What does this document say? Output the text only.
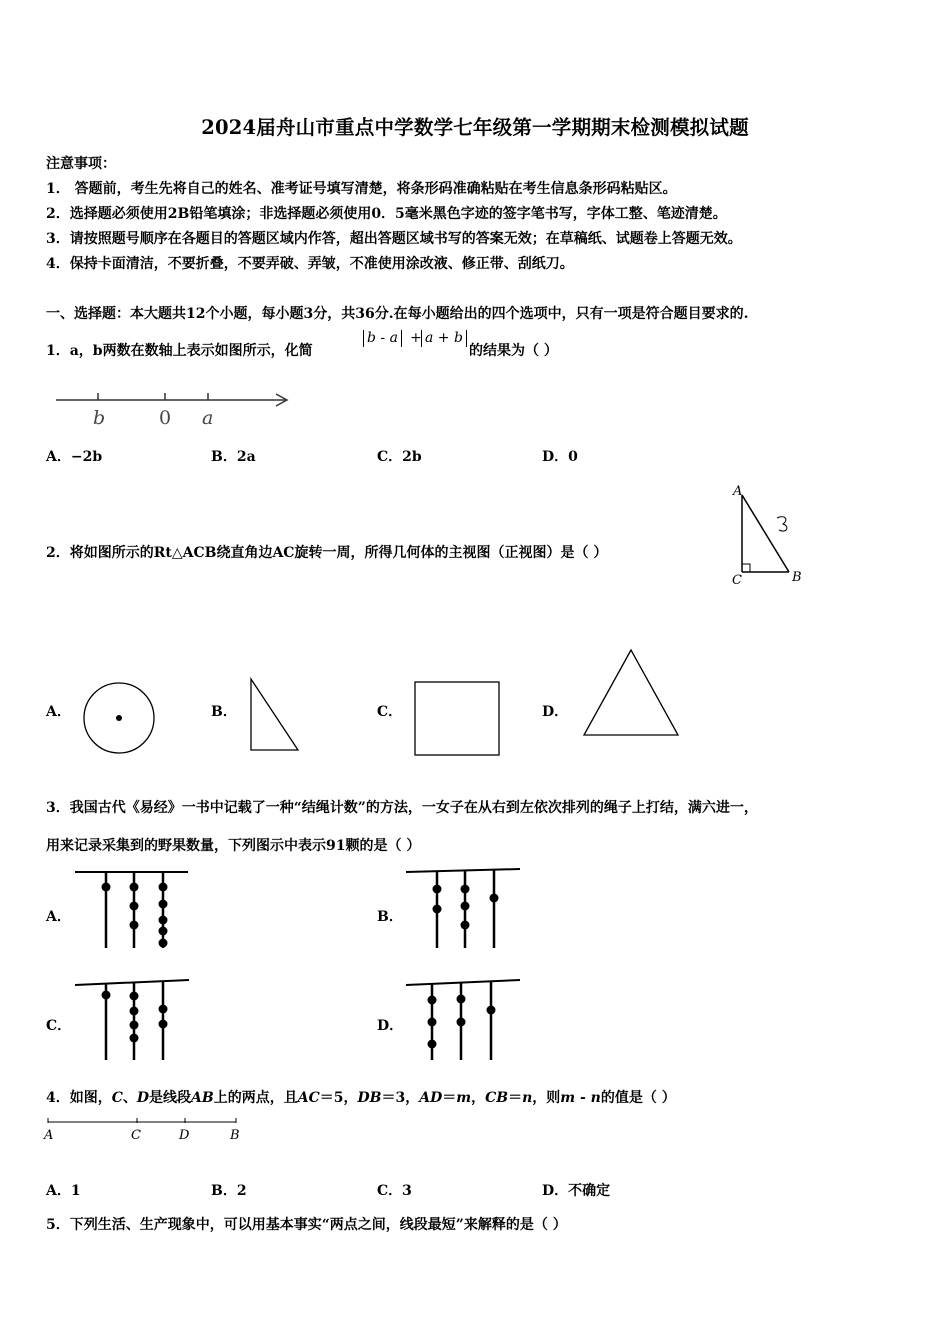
2024届舟山市重点中学数学七年级第一学期期末检测模拟试题
注意事项：
1． 答题前，考生先将自己的姓名、准考证号填写清楚，将条形码准确粘贴在考生信息条形码粘贴区。
2．选择题必须使用2B铅笔填涂；非选择题必须使用0．5毫米黑色字迹的签字笔书写，字体工整、笔迹清楚。
3．请按照题号顺序在各题目的答题区域内作答，超出答题区域书写的答案无效；在草稿纸、试题卷上答题无效。
4．保持卡面清洁，不要折叠，不要弄破、弄皱，不准使用涂改液、修正带、刮纸刀。
一、选择题：本大题共12个小题，每小题3分，共36分.在每小题给出的四个选项中，只有一项是符合题目要求的.
1．a，b两数在数轴上表示如图所示，化简
b - a + a + b
的结果为（ ）
b	0 a
A．−2b	B．2a	C．2b	D．0
2．将如图所示的Rt△ACB绕直角边AC旋转一周，所得几何体的主视图（正视图）是（ ）
A
C	B
A．	B．	C．	D．
3．我国古代《易经》一书中记载了一种“结绳计数”的方法，一女子在从右到左依次排列的绳子上打结，满六进一，
用来记录采集到的野果数量，下列图示中表示91颗的是（ ）
A．	B．
C．	D．
4．如图，C、D是线段AB上的两点，且AC＝5，DB＝3，AD＝m，CB＝n，则m - n的值是（ ）
A	C	D	B
A．1	B．2	C．3	D．不确定
5．下列生活、生产现象中，可以用基本事实“两点之间，线段最短”来解释的是（ ）
